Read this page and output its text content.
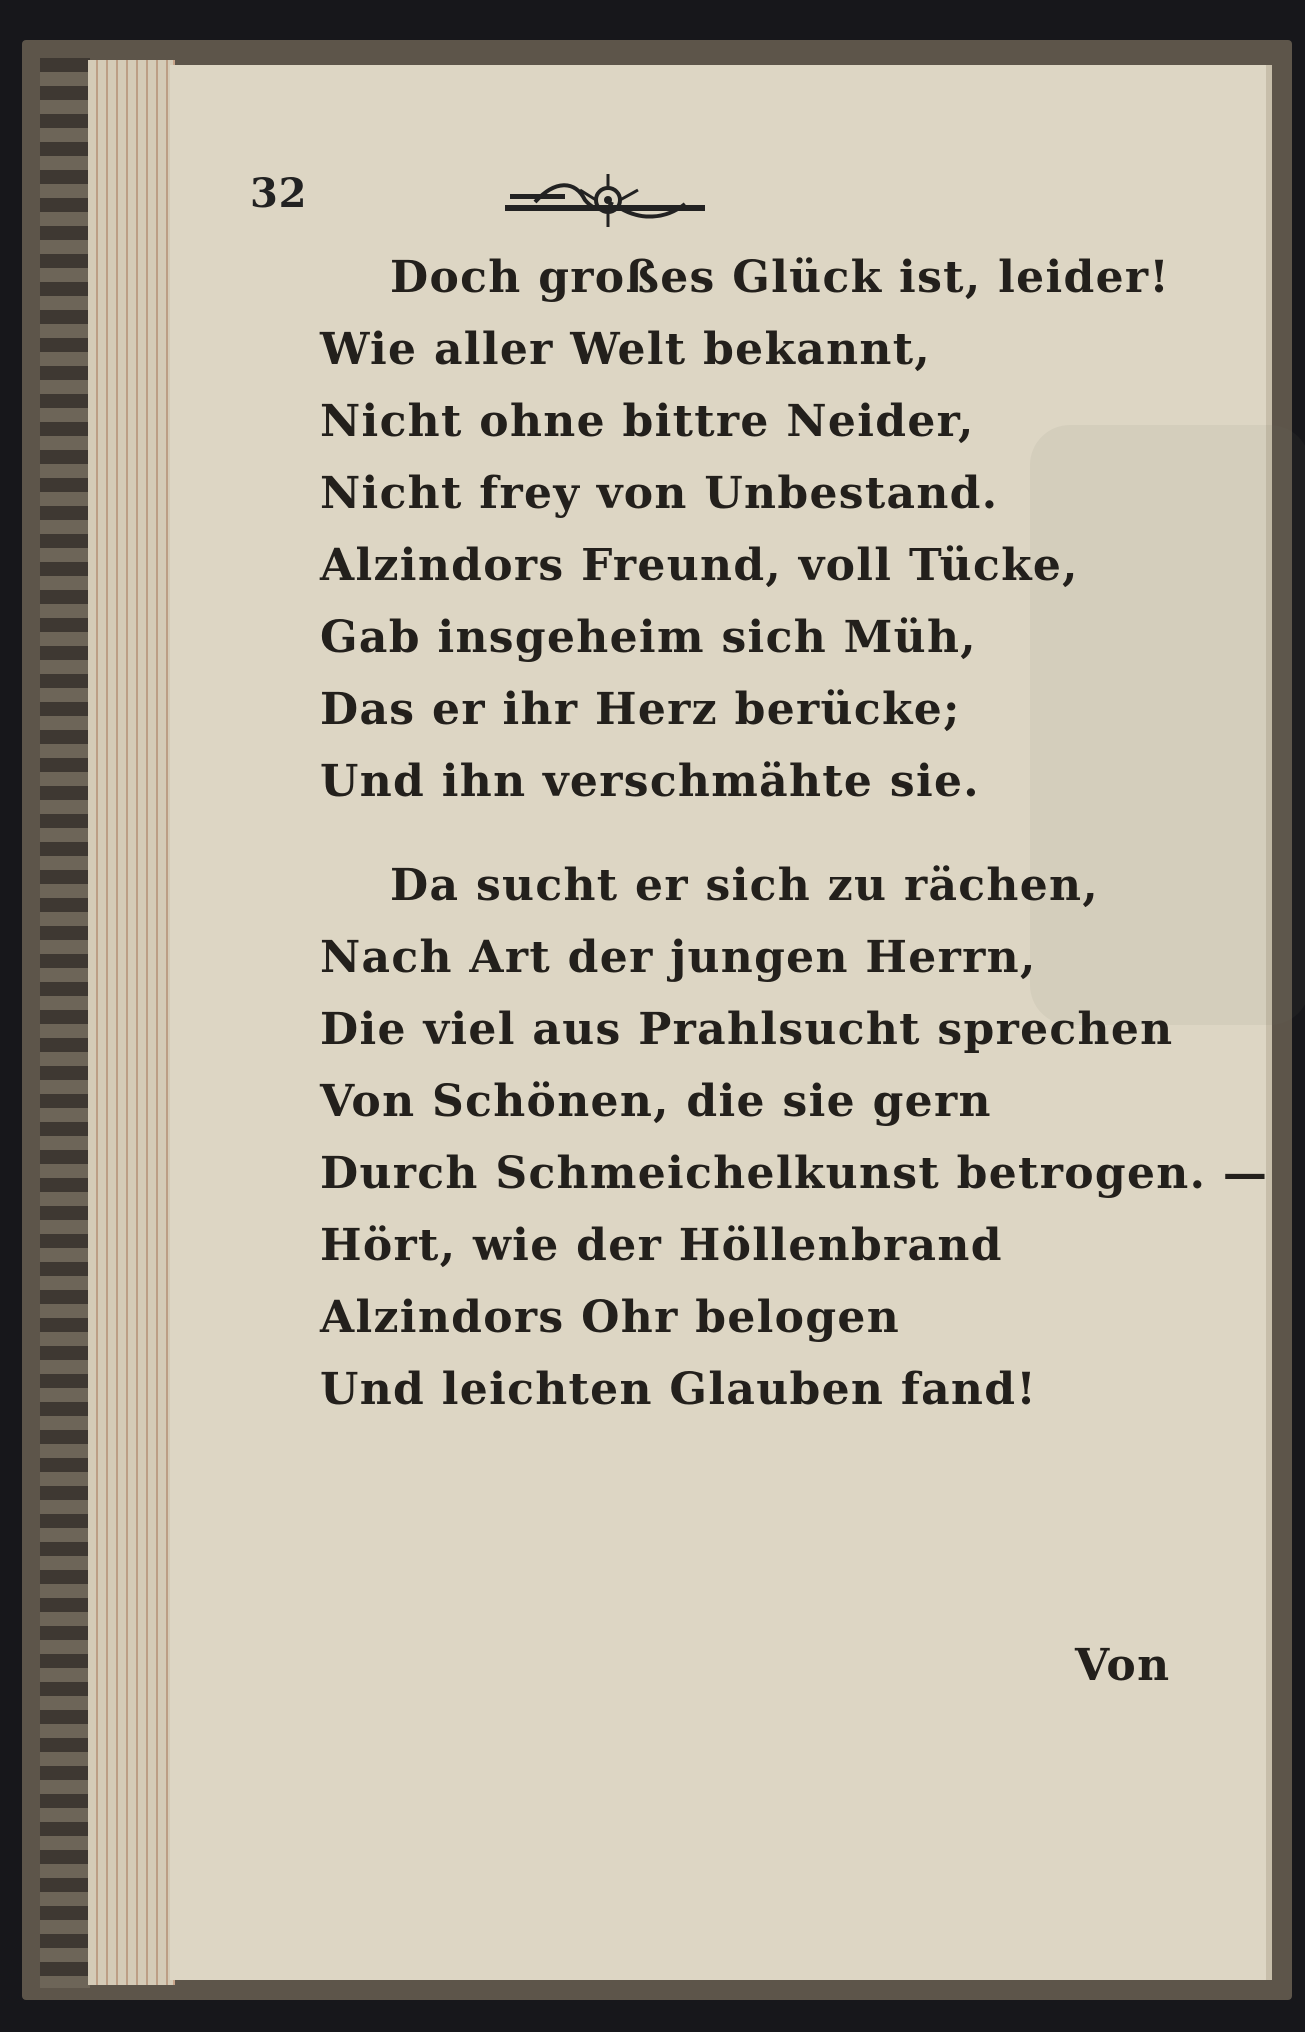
32
Doch großes Glück ist, leider!
Wie aller Welt bekannt,
Nicht ohne bittre Neider,
Nicht frey von Unbestand.
Alzindors Freund, voll Tücke,
Gab insgeheim sich Müh,
Das er ihr Herz berücke;
Und ihn verschmähte sie.
Da sucht er sich zu rächen,
Nach Art der jungen Herrn,
Die viel aus Prahlsucht sprechen
Von Schönen, die sie gern
Durch Schmeichelkunst betrogen. —
Hört, wie der Höllenbrand
Alzindors Ohr belogen
Und leichten Glauben fand!
Von
